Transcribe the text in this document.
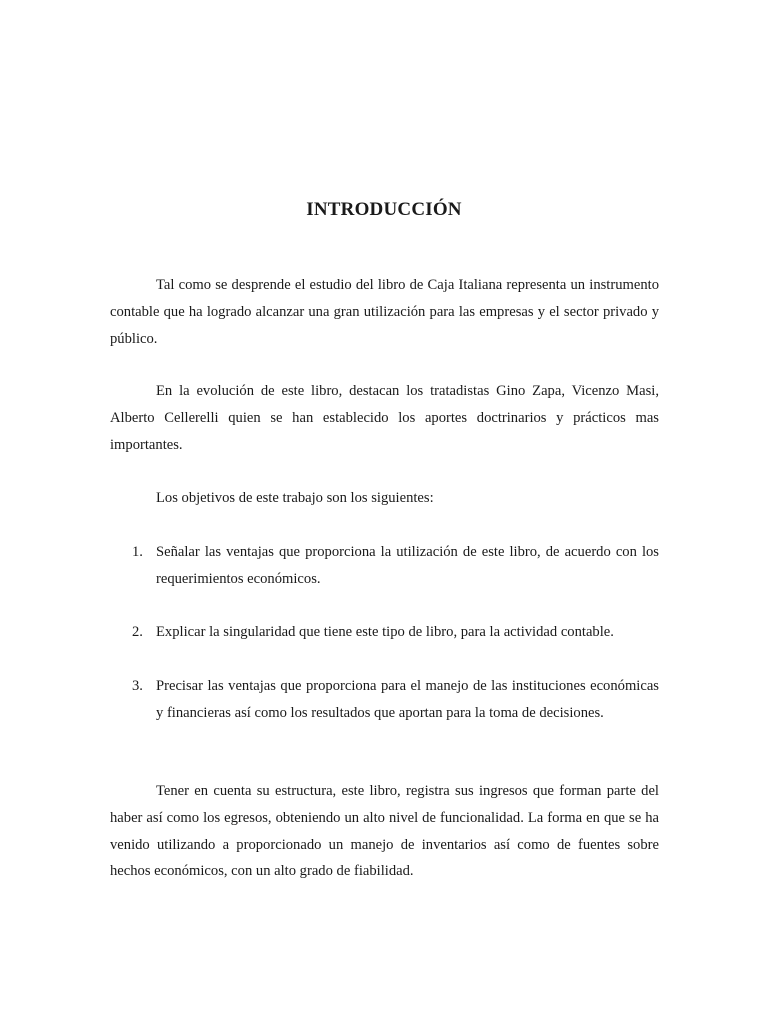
INTRODUCCIÓN

Tal como se desprende el estudio del libro de Caja Italiana representa un instrumento contable que ha logrado alcanzar una gran utilización para las empresas y el sector privado y público.

En la evolución de este libro, destacan los tratadistas Gino Zapa, Vicenzo Masi, Alberto Cellerelli quien se han establecido los aportes doctrinarios y prácticos mas importantes.

Los objetivos de este trabajo son los siguientes:

1. Señalar las ventajas que proporciona la utilización de este libro, de acuerdo con los requerimientos económicos.
2. Explicar la singularidad que tiene este tipo de libro, para la actividad contable.
3. Precisar las ventajas que proporciona para el manejo de las instituciones económicas y financieras así como los resultados que aportan para la toma de decisiones.

Tener en cuenta su estructura, este libro, registra sus ingresos que forman parte del haber así como los egresos, obteniendo un alto nivel de funcionalidad. La forma en que se ha venido utilizando a proporcionado un manejo de inventarios así como de fuentes sobre hechos económicos, con un alto grado de fiabilidad.
